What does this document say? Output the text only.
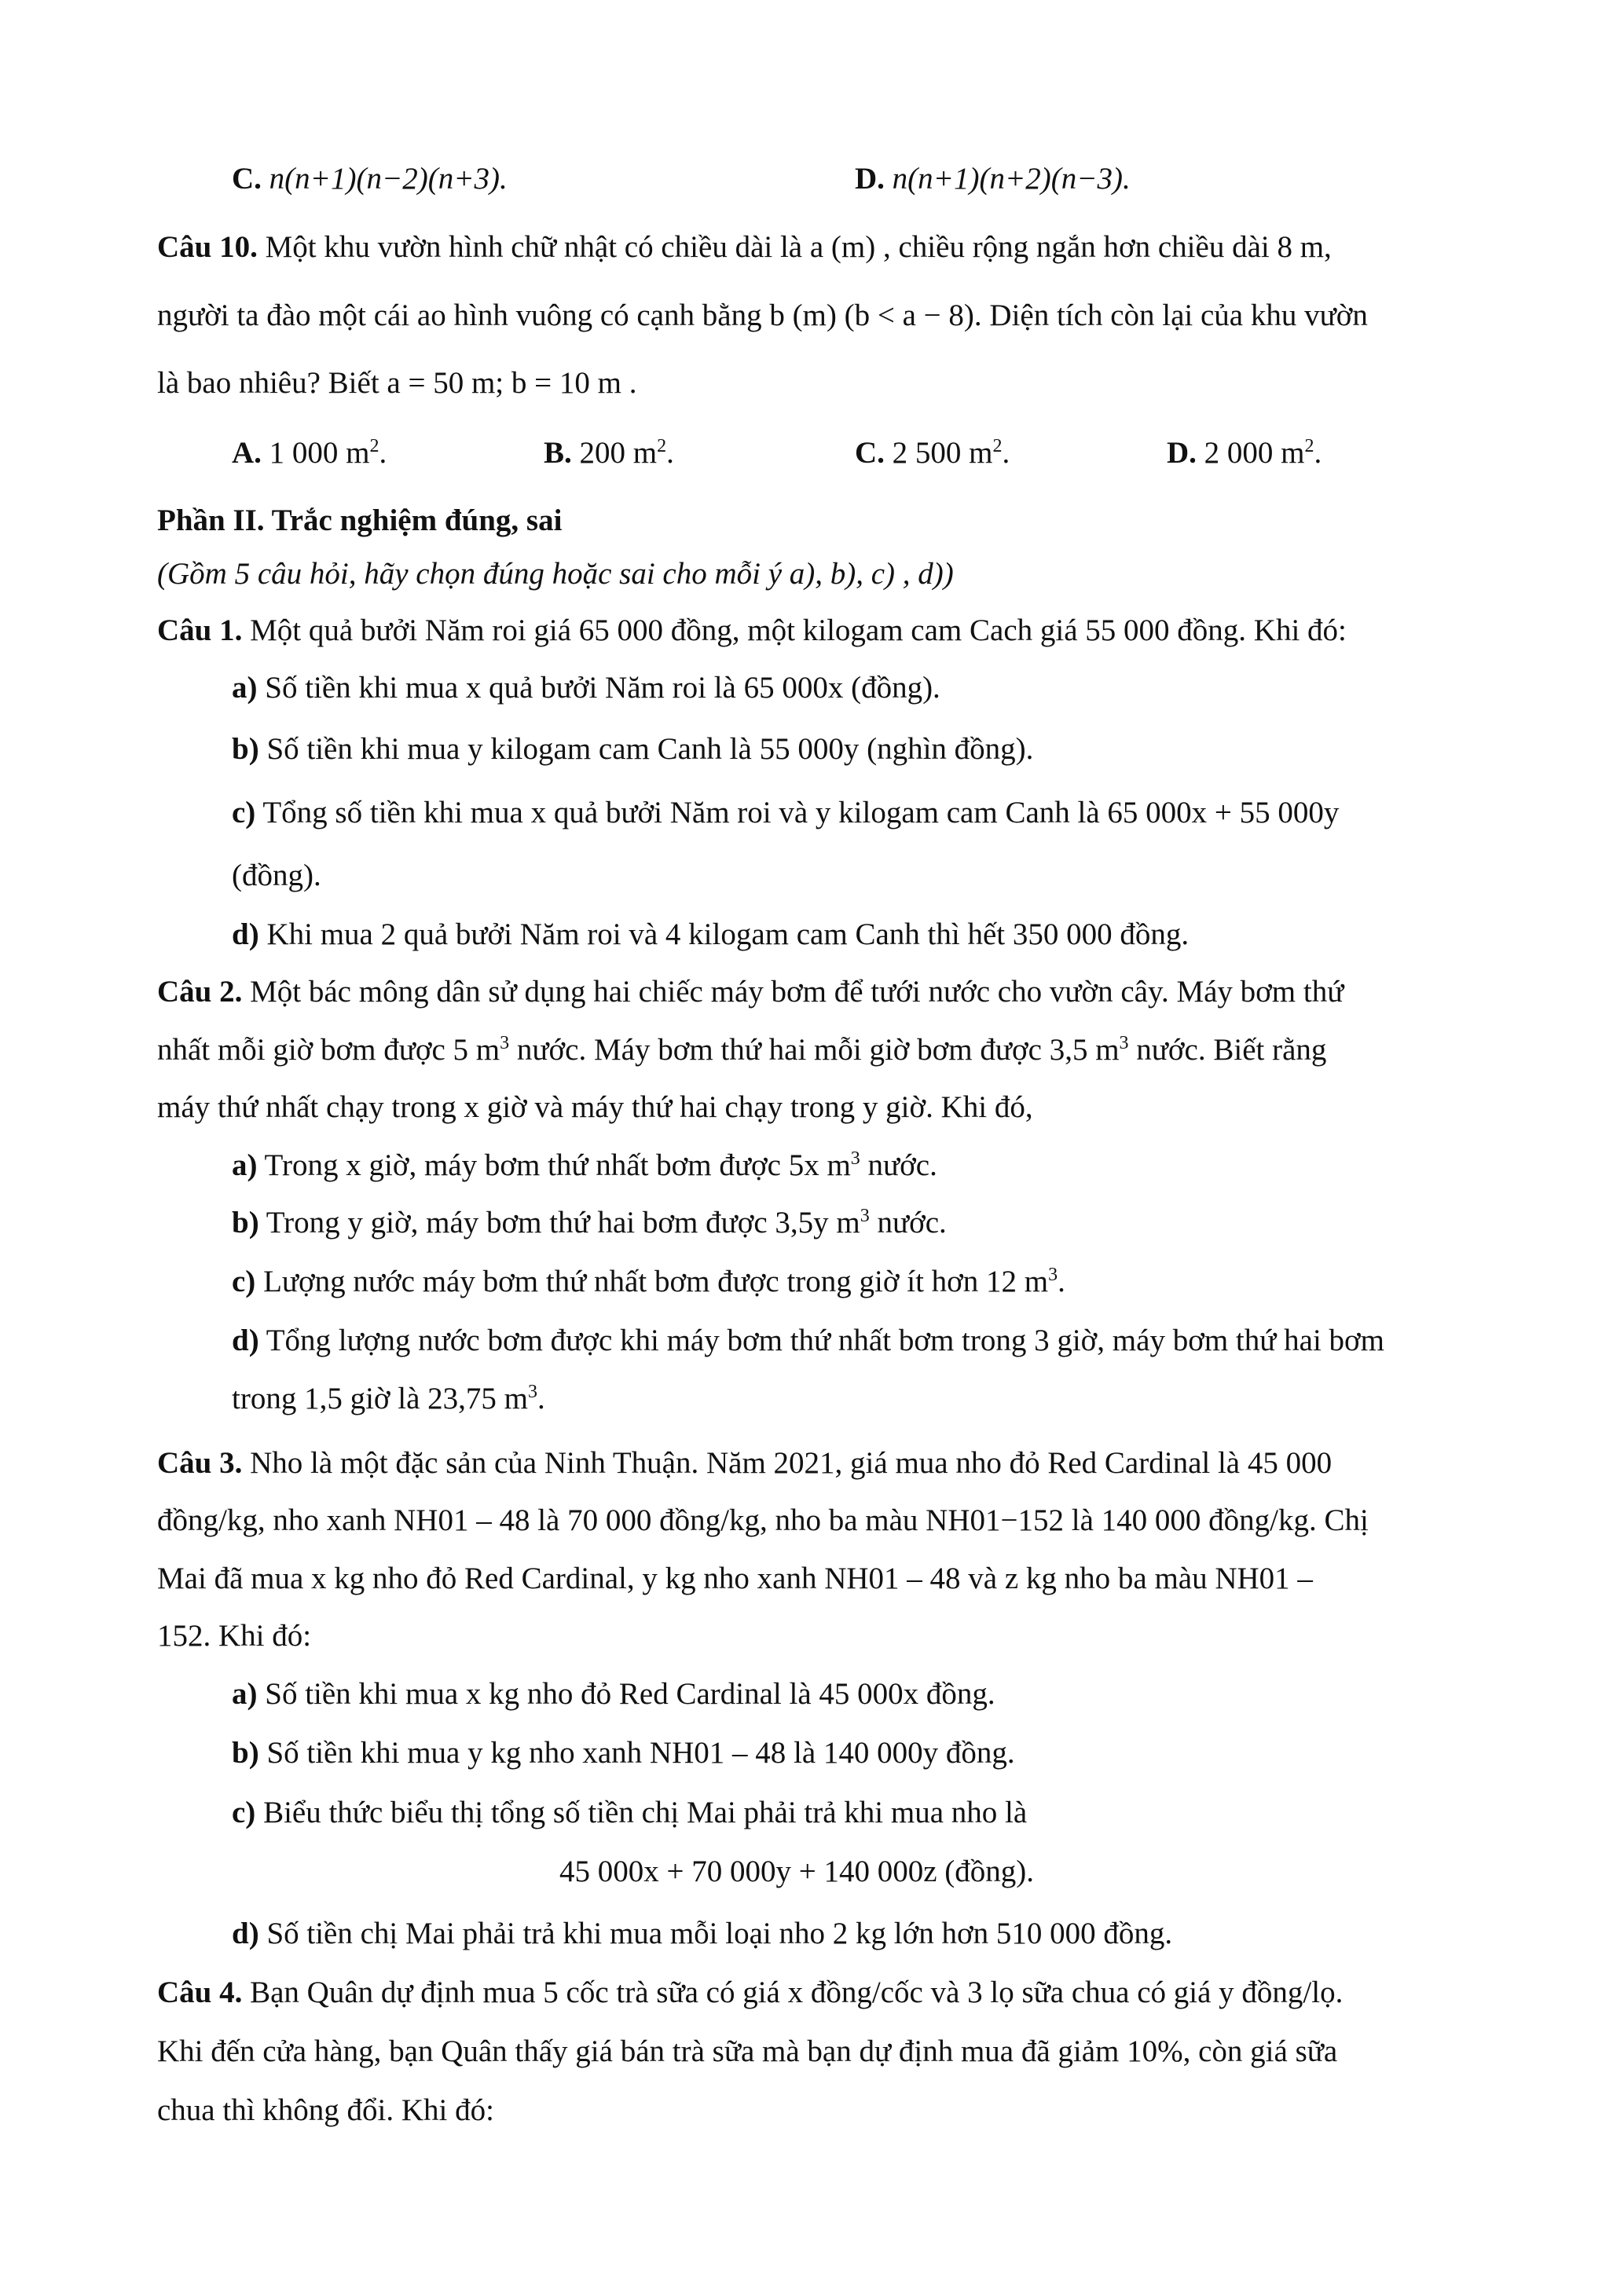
C. n(n+1)(n−2)(n+3).	D. n(n+1)(n+2)(n−3).
Câu 10. Một khu vườn hình chữ nhật có chiều dài là a (m) , chiều rộng ngắn hơn chiều dài 8 m,
người ta đào một cái ao hình vuông có cạnh bằng b (m) (b < a − 8). Diện tích còn lại của khu vườn
là bao nhiêu? Biết a = 50 m; b = 10 m .
A. 1 000 $m^2$.	B. 200 $m^2$.	C. 2 500 $m^2$.	D. 2 000 $m^2$.
Phần II. Trắc nghiệm đúng, sai
(Gồm 5 câu hỏi, hãy chọn đúng hoặc sai cho mỗi ý a), b), c) , d))
Câu 1. Một quả bưởi Năm roi giá 65 000 đồng, một kilogam cam Cach giá 55 000 đồng. Khi đó:
a) Số tiền khi mua x quả bưởi Năm roi là 65 000x (đồng).
b) Số tiền khi mua y kilogam cam Canh là 55 000y (nghìn đồng).
c) Tổng số tiền khi mua x quả bưởi Năm roi và y kilogam cam Canh là 65 000x + 55 000y
(đồng).
d) Khi mua 2 quả bưởi Năm roi và 4 kilogam cam Canh thì hết 350 000 đồng.
Câu 2. Một bác mông dân sử dụng hai chiếc máy bơm để tưới nước cho vườn cây. Máy bơm thứ
nhất mỗi giờ bơm được 5 $m^3$ nước. Máy bơm thứ hai mỗi giờ bơm được 3,5 $m^3$ nước. Biết rằng
máy thứ nhất chạy trong x giờ và máy thứ hai chạy trong y giờ. Khi đó,
a) Trong x giờ, máy bơm thứ nhất bơm được 5x $m^3$ nước.
b) Trong y giờ, máy bơm thứ hai bơm được 3,5y $m^3$ nước.
c) Lượng nước máy bơm thứ nhất bơm được trong giờ ít hơn 12 $m^3$.
d) Tổng lượng nước bơm được khi máy bơm thứ nhất bơm trong 3 giờ, máy bơm thứ hai bơm
trong 1,5 giờ là 23,75 $m^3$.
Câu 3. Nho là một đặc sản của Ninh Thuận. Năm 2021, giá mua nho đỏ Red Cardinal là 45 000
đồng/kg, nho xanh NH01 – 48 là 70 000 đồng/kg, nho ba màu NH01−152 là 140 000 đồng/kg. Chị
Mai đã mua x kg nho đỏ Red Cardinal, y kg nho xanh NH01 – 48 và z kg nho ba màu NH01 –
152. Khi đó:
a) Số tiền khi mua x kg nho đỏ Red Cardinal là 45 000x đồng.
b) Số tiền khi mua y kg nho xanh NH01 – 48 là 140 000y đồng.
c) Biểu thức biểu thị tổng số tiền chị Mai phải trả khi mua nho là
45 000x + 70 000y + 140 000z (đồng).
d) Số tiền chị Mai phải trả khi mua mỗi loại nho 2 kg lớn hơn 510 000 đồng.
Câu 4. Bạn Quân dự định mua 5 cốc trà sữa có giá x đồng/cốc và 3 lọ sữa chua có giá y đồng/lọ.
Khi đến cửa hàng, bạn Quân thấy giá bán trà sữa mà bạn dự định mua đã giảm 10%, còn giá sữa
chua thì không đổi. Khi đó:
